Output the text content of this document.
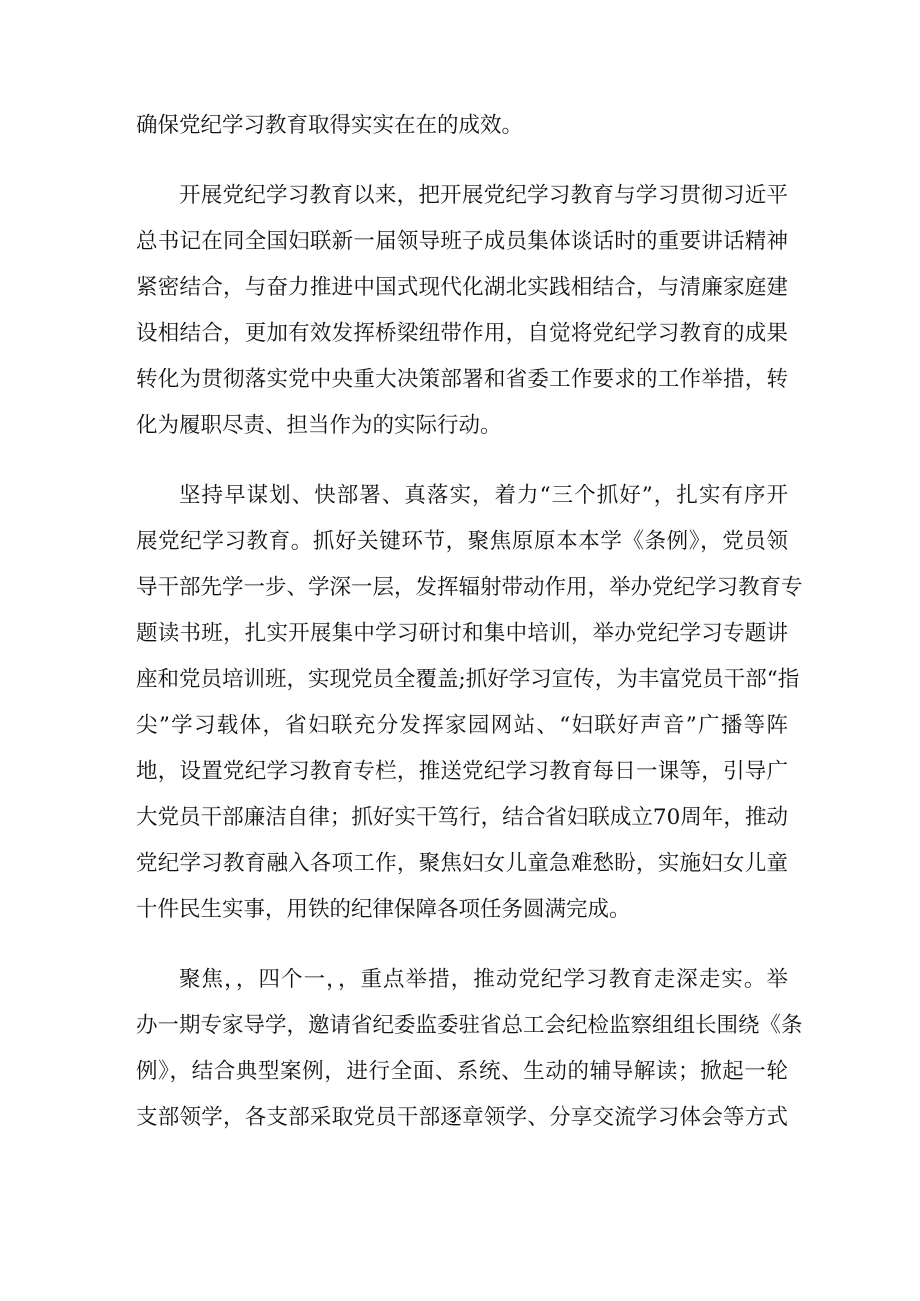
确保党纪学习教育取得实实在在的成效。
开展党纪学习教育以来，把开展党纪学习教育与学习贯彻习近平
总书记在同全国妇联新一届领导班子成员集体谈话时的重要讲话精神
紧密结合，与奋力推进中国式现代化湖北实践相结合，与清廉家庭建
设相结合，更加有效发挥桥梁纽带作用，自觉将党纪学习教育的成果
转化为贯彻落实党中央重大决策部署和省委工作要求的工作举措，转
化为履职尽责、担当作为的实际行动。
坚持早谋划、快部署、真落实，着力“三个抓好”，扎实有序开
展党纪学习教育。抓好关键环节，聚焦原原本本学《条例》，党员领
导干部先学一步、学深一层，发挥辐射带动作用，举办党纪学习教育专
题读书班，扎实开展集中学习研讨和集中培训，举办党纪学习专题讲
座和党员培训班，实现党员全覆盖;抓好学习宣传，为丰富党员干部“指
尖”学习载体，省妇联充分发挥家园网站、“妇联好声音”广播等阵
地，设置党纪学习教育专栏，推送党纪学习教育每日一课等，引导广
大党员干部廉洁自律；抓好实干笃行，结合省妇联成立70周年，推动
党纪学习教育融入各项工作，聚焦妇女儿童急难愁盼，实施妇女儿童
十件民生实事，用铁的纪律保障各项任务圆满完成。
聚焦，，四个一，，重点举措，推动党纪学习教育走深走实。举
办一期专家导学，邀请省纪委监委驻省总工会纪检监察组组长围绕《条
例》，结合典型案例，进行全面、系统、生动的辅导解读；掀起一轮
支部领学，各支部采取党员干部逐章领学、分享交流学习体会等方式
